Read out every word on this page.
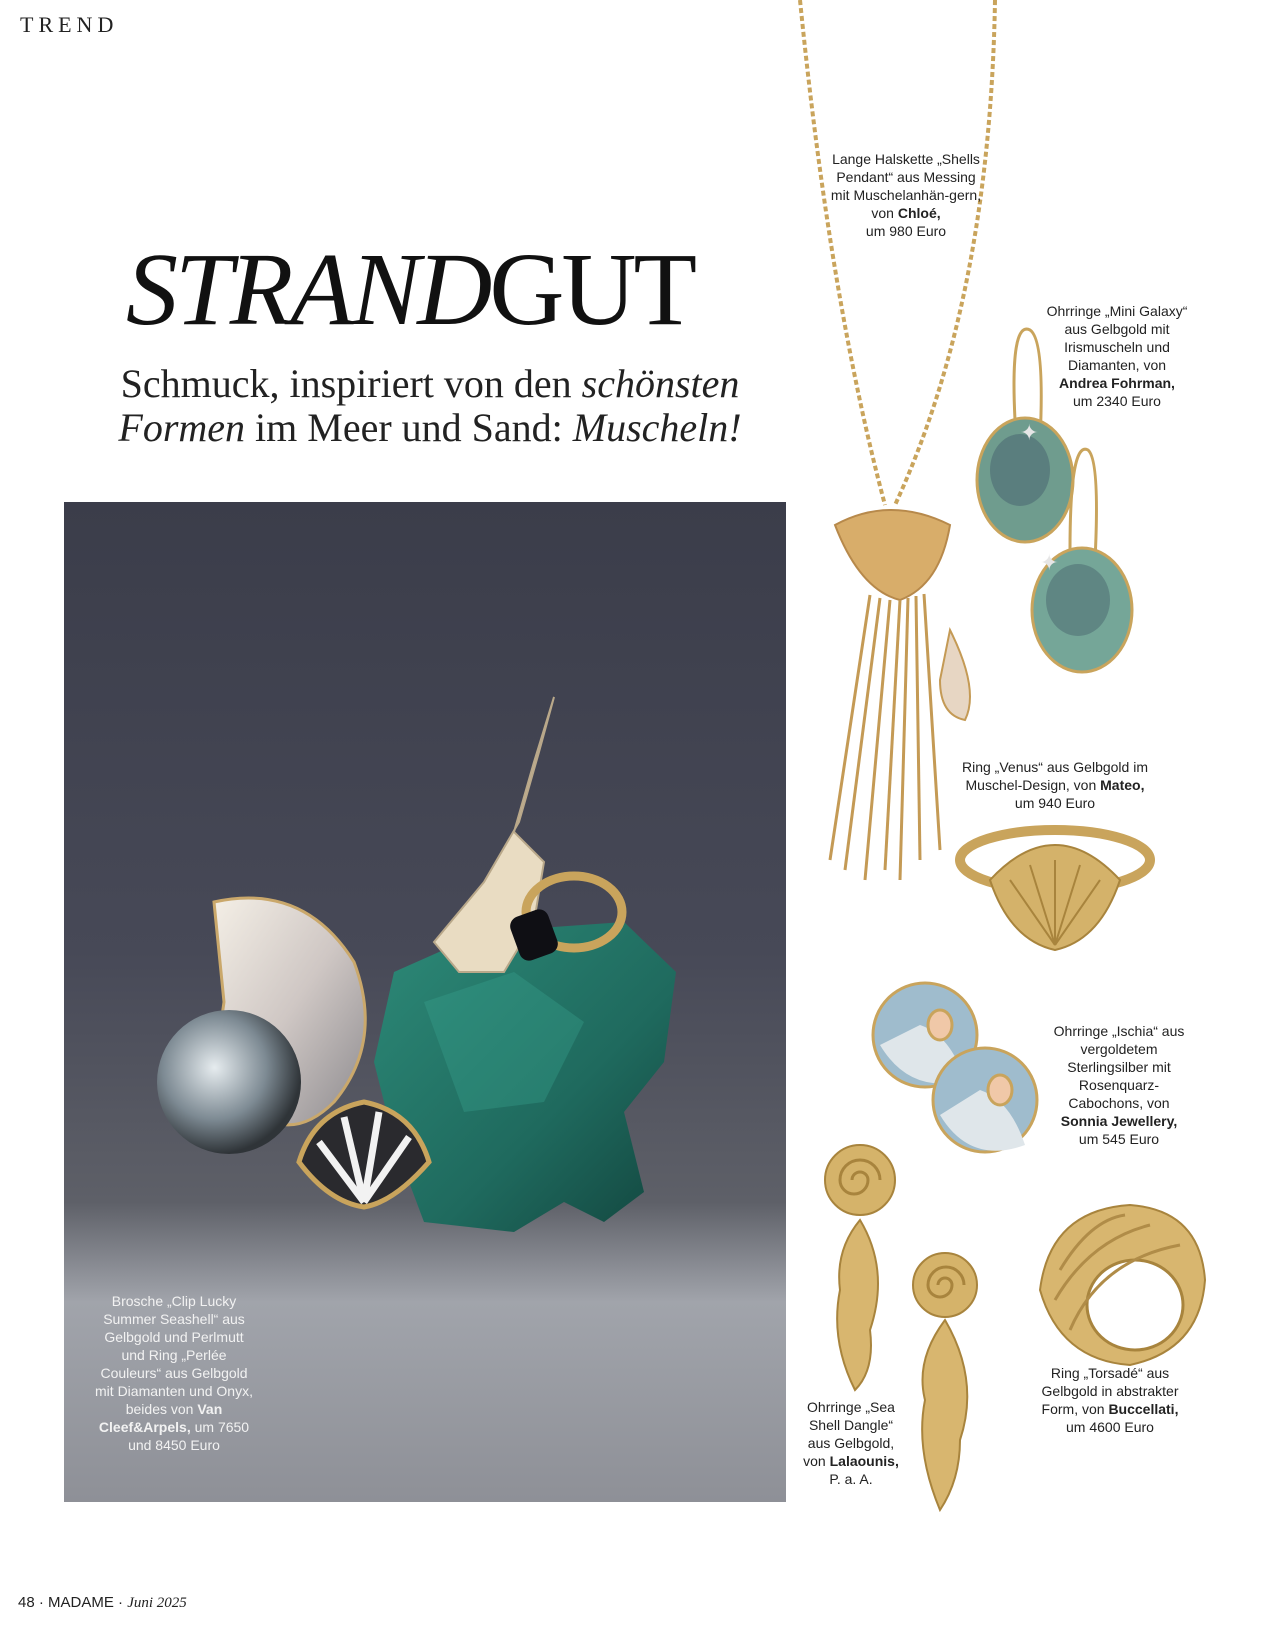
TREND
STRANDGUT
Schmuck, inspiriert von den schönsten
Formen im Meer und Sand: Muscheln!
Brosche „Clip Lucky Summer Seashell“ aus Gelbgold und Perlmutt und Ring „Perlée Couleurs“ aus Gelbgold mit Diamanten und Onyx, beides von Van Cleef&Arpels, um 7650 und 8450 Euro
Lange Halskette „Shells Pendant“ aus Messing mit Muschelanhän-gern, von Chloé,
um 980 Euro
✦
✦
Ohrringe „Mini Galaxy“ aus Gelbgold mit Irismuscheln und Diamanten, von
Andrea Fohrman,
um 2340 Euro
Ring „Venus“ aus Gelbgold im Muschel-Design, von Mateo, um 940 Euro
Ohrringe „Ischia“ aus vergoldetem Sterlingsilber mit Rosenquarz-Cabochons, von
Sonnia Jewellery,
um 545 Euro
Ohrringe „Sea Shell Dangle“ aus Gelbgold, von Lalaounis,
P. a. A.
Ring „Torsadé“ aus Gelbgold in abstrakter Form, von Buccellati,
um 4600 Euro
48 · MADAME · Juni 2025
